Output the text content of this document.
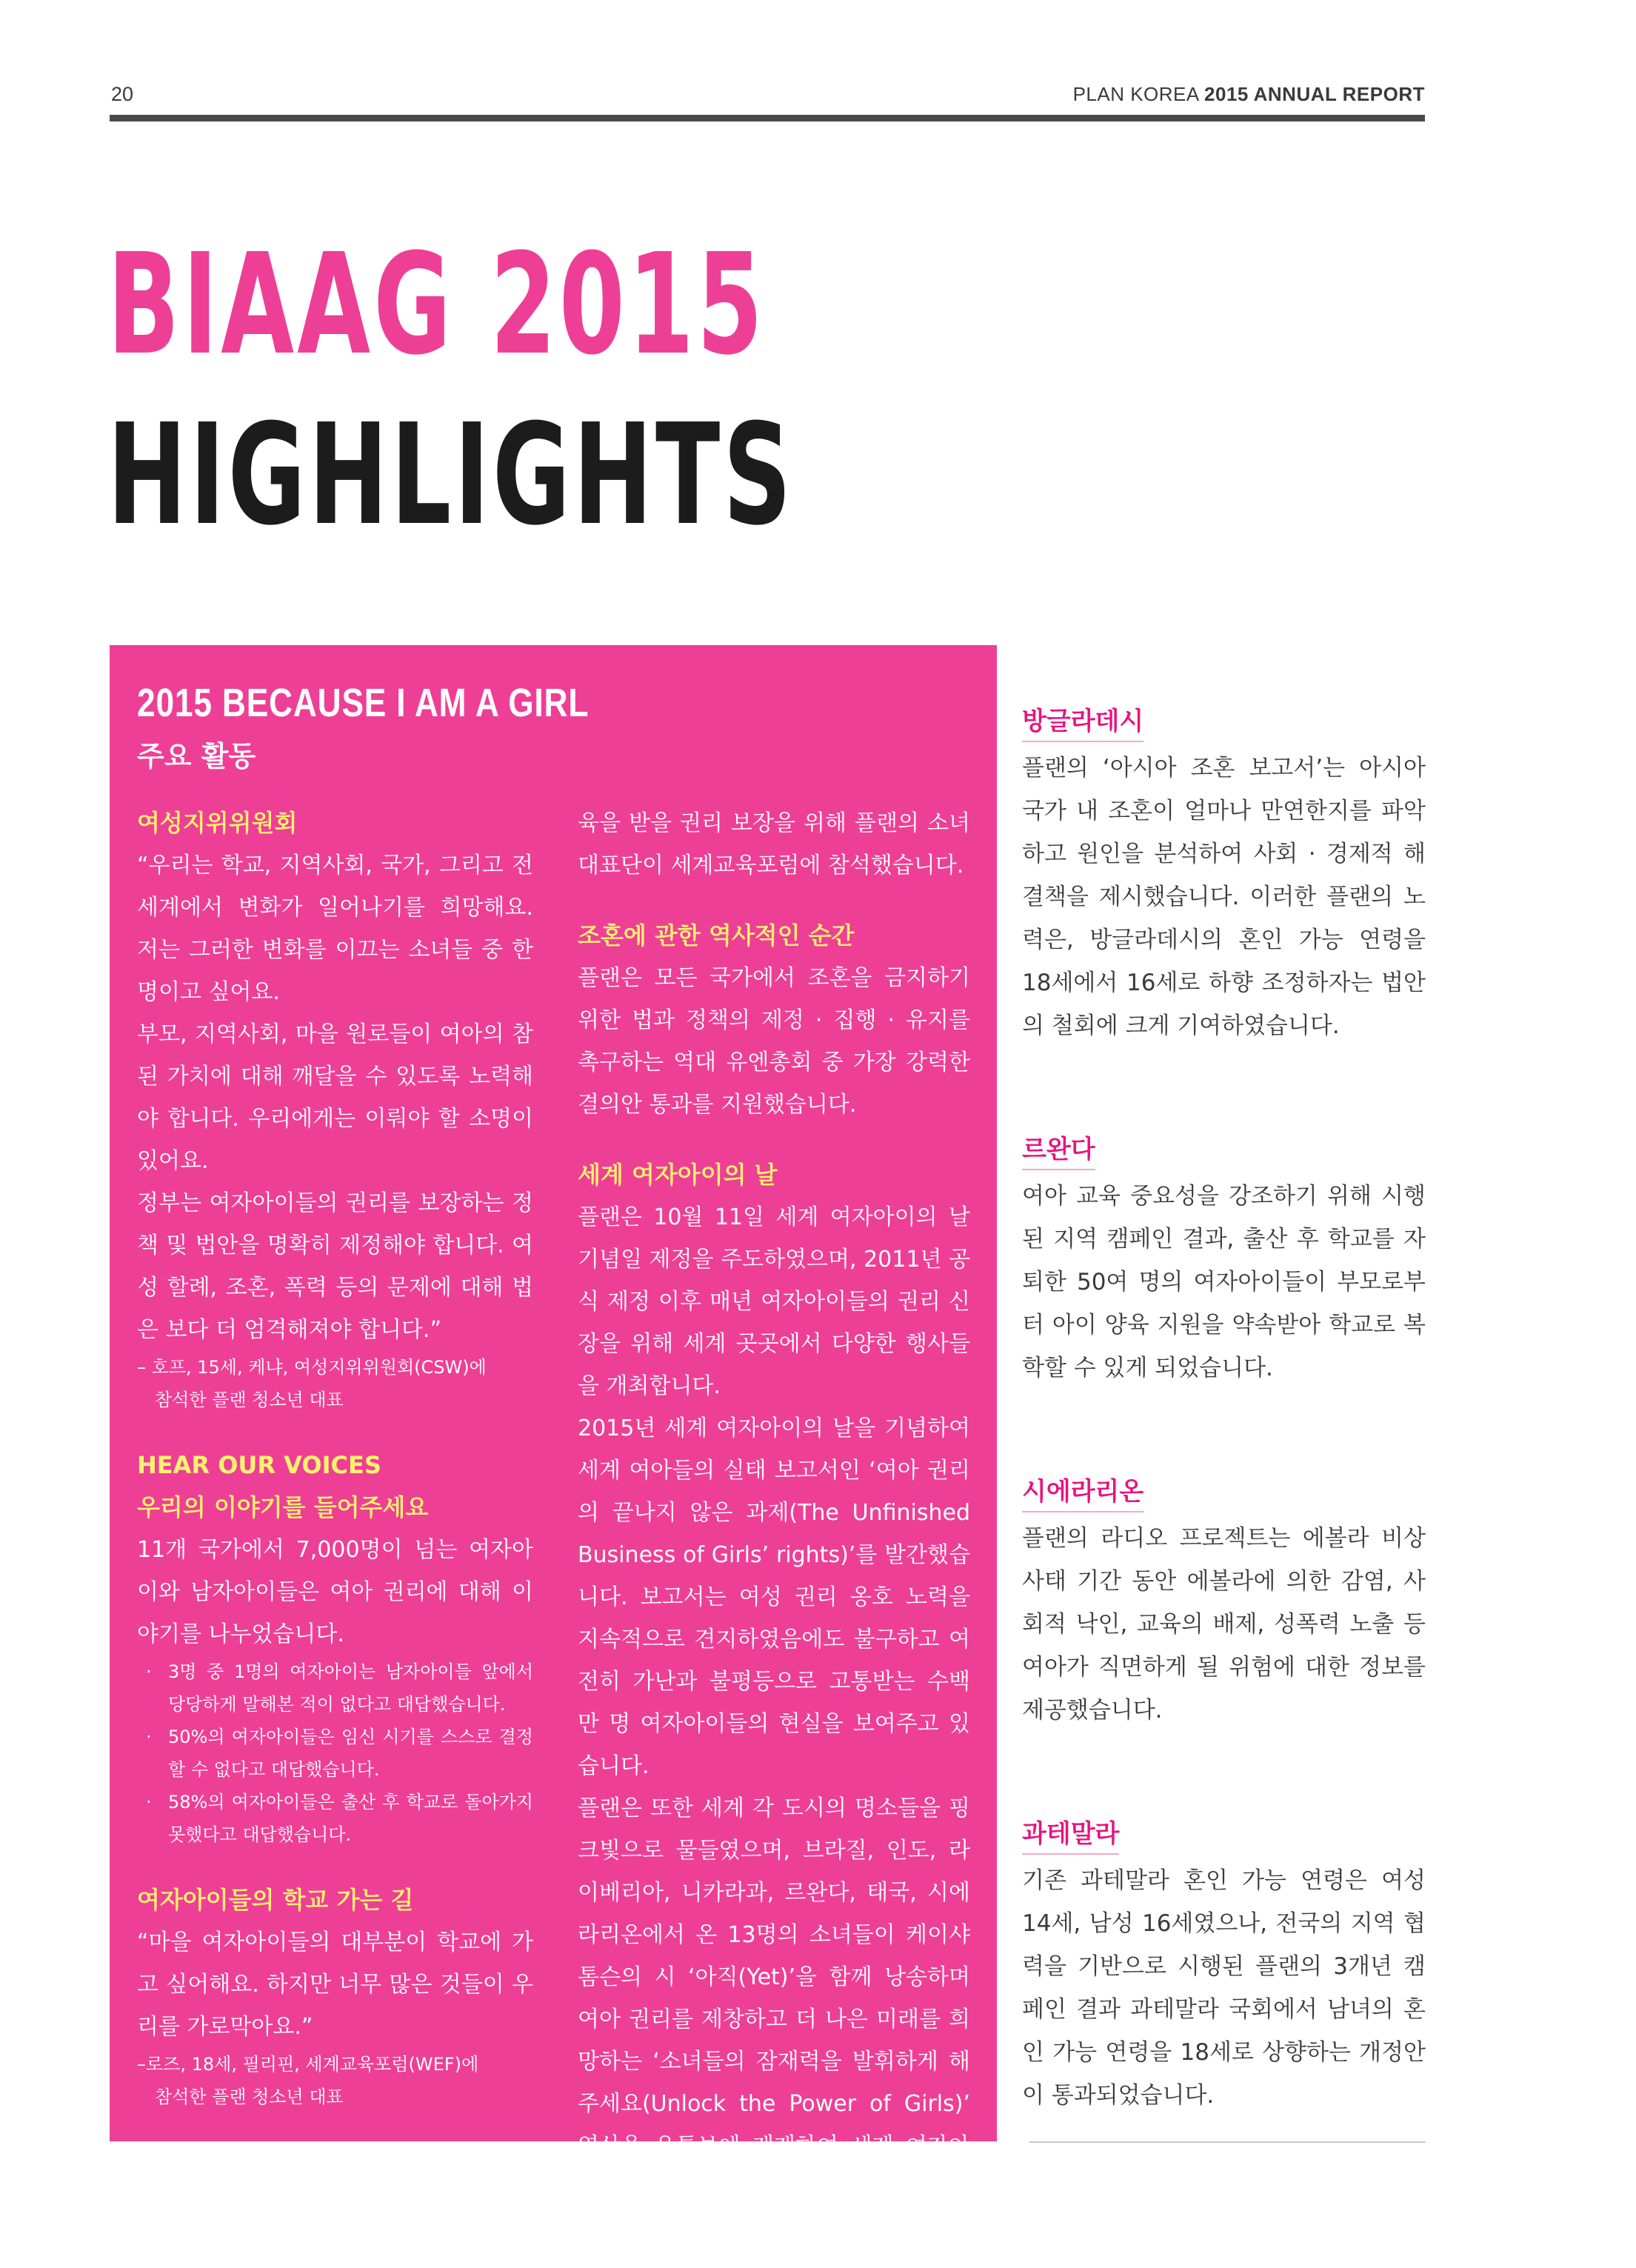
20	PLAN KOREA 2015 ANNUAL REPORT
BIAAG 2015
HIGHLIGHTS
2015 BECAUSE I AM A GIRL
주요 활동
여성지위위원회
“우리는 학교, 지역사회, 국가, 그리고 전 세계에서 변화가 일어나기를 희망해요. 저는 그러한 변화를 이끄는 소녀들 중 한 명이고 싶어요.
부모, 지역사회, 마을 원로들이 여아의 참된 가치에 대해 깨달을 수 있도록 노력해야 합니다. 우리에게는 이뤄야 할 소명이 있어요.
정부는 여자아이들의 권리를 보장하는 정책 및 법안을 명확히 제정해야 합니다. 여성 할례, 조혼, 폭력 등의 문제에 대해 법은 보다 더 엄격해져야 합니다.”
– 호프, 15세, 케냐, 여성지위위원회(CSW)에
참석한 플랜 청소년 대표
HEAR OUR VOICES
우리의 이야기를 들어주세요
11개 국가에서 7,000명이 넘는 여자아이와 남자아이들은 여아 권리에 대해 이야기를 나누었습니다.
· 3명 중 1명의 여자아이는 남자아이들 앞에서 당당하게 말해본 적이 없다고 대답했습니다.
· 50%의 여자아이들은 임신 시기를 스스로 결정할 수 없다고 대답했습니다.
· 58%의 여자아이들은 출산 후 학교로 돌아가지 못했다고 대답했습니다.
여자아이들의 학교 가는 길
“마을 여자아이들의 대부분이 학교에 가고 싶어해요. 하지만 너무 많은 것들이 우리를 가로막아요.”
–로즈, 18세, 필리핀, 세계교육포럼(WEF)에
참석한 플랜 청소년 대표
지속가능발전목표(SDGs)의 하위 목표 중 하나인 여자아이들이 안전하게 양질의 교
육을 받을 권리 보장을 위해 플랜의 소녀 대표단이 세계교육포럼에 참석했습니다.
조혼에 관한 역사적인 순간
플랜은 모든 국가에서 조혼을 금지하기 위한 법과 정책의 제정 · 집행 · 유지를 촉구하는 역대 유엔총회 중 가장 강력한 결의안 통과를 지원했습니다.
세계 여자아이의 날
플랜은 10월 11일 세계 여자아이의 날 기념일 제정을 주도하였으며, 2011년 공식 제정 이후 매년 여자아이들의 권리 신장을 위해 세계 곳곳에서 다양한 행사들을 개최합니다.
2015년 세계 여자아이의 날을 기념하여 세계 여아들의 실태 보고서인 ‘여아 권리의 끝나지 않은 과제(The Unfinished Business of Girls’ rights)’를 발간했습니다. 보고서는 여성 권리 옹호 노력을 지속적으로 견지하였음에도 불구하고 여전히 가난과 불평등으로 고통받는 수백만 명 여자아이들의 현실을 보여주고 있습니다.
플랜은 또한 세계 각 도시의 명소들을 핑크빛으로 물들였으며, 브라질, 인도, 라이베리아, 니카라과, 르완다, 태국, 시에라리온에서 온 13명의 소녀들이 케이샤 톰슨의 시 ‘아직(Yet)’을 함께 낭송하며 여아 권리를 제창하고 더 나은 미래를 희망하는 ‘소녀들의 잠재력을 발휘하게 해주세요(Unlock the Power of Girls)’ 영상을 유튜브에 게재하여 세계 여자아이의 날을 기념했습니다.
방글라데시
플랜의 ‘아시아 조혼 보고서’는 아시아 국가 내 조혼이 얼마나 만연한지를 파악하고 원인을 분석하여 사회 · 경제적 해결책을 제시했습니다. 이러한 플랜의 노력은, 방글라데시의 혼인 가능 연령을 18세에서 16세로 하향 조정하자는 법안의 철회에 크게 기여하였습니다.
르완다
여아 교육 중요성을 강조하기 위해 시행된 지역 캠페인 결과, 출산 후 학교를 자퇴한 50여 명의 여자아이들이 부모로부터 아이 양육 지원을 약속받아 학교로 복학할 수 있게 되었습니다.
시에라리온
플랜의 라디오 프로젝트는 에볼라 비상사태 기간 동안 에볼라에 의한 감염, 사회적 낙인, 교육의 배제, 성폭력 노출 등 여아가 직면하게 될 위험에 대한 정보를 제공했습니다.
과테말라
기존 과테말라 혼인 가능 연령은 여성 14세, 남성 16세였으나, 전국의 지역 협력을 기반으로 시행된 플랜의 3개년 캠페인 결과 과테말라 국회에서 남녀의 혼인 가능 연령을 18세로 상향하는 개정안이 통과되었습니다.
